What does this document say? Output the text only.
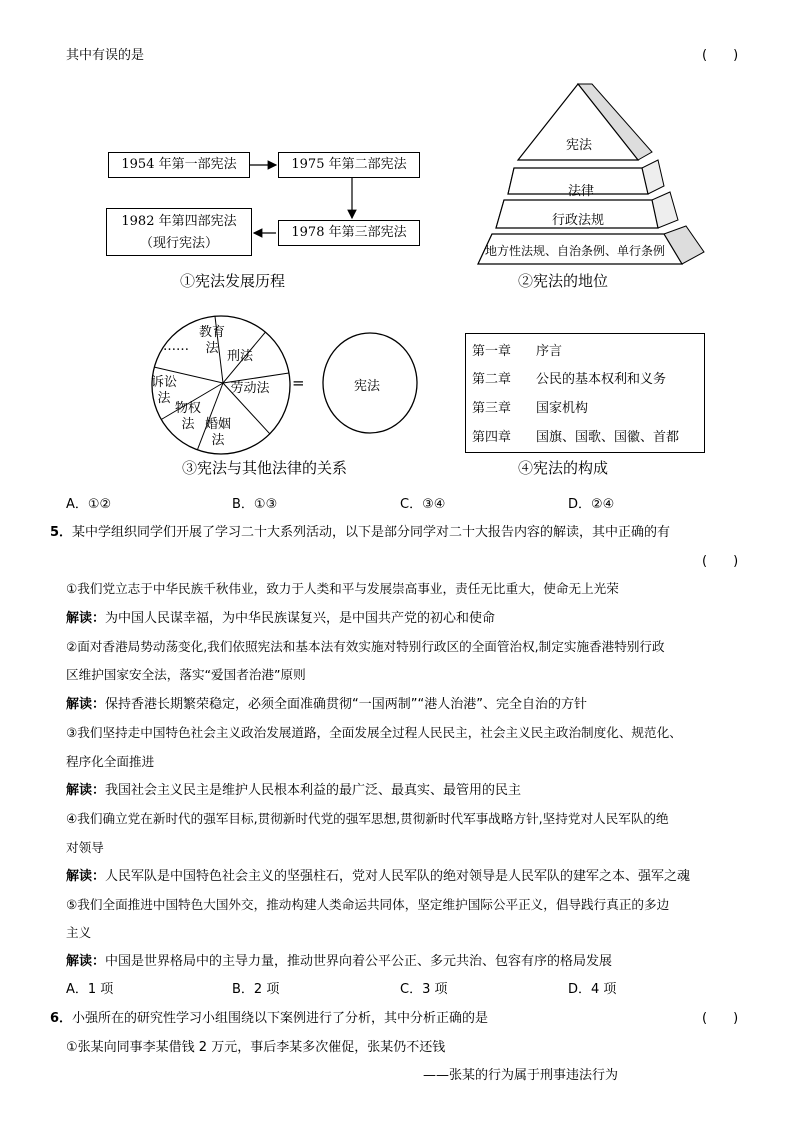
其中有误的是	(　　)
1954 年第一部宪法	1975 年第二部宪法
1982 年第四部宪法
（现行宪法）
1978 年第三部宪法
①宪法发展历程
宪法
法律
行政法规
地方性法规、自治条例、单行条例
②宪法的地位
教育法
刑法
劳动法
婚姻法
物权法
诉讼法
……
=	宪法
③宪法与其他法律的关系
第一章 序言
第二章 公民的基本权利和义务
第三章 国家机构
第四章 国旗、国歌、国徽、首都
④宪法的构成
A．①②	B．①③	C．③④	D．②④
5．某中学组织同学们开展了学习二十大系列活动，以下是部分同学对二十大报告内容的解读，其中正确的有
(　　)
①我们党立志于中华民族千秋伟业，致力于人类和平与发展崇高事业，责任无比重大，使命无上光荣
解读：为中国人民谋幸福，为中华民族谋复兴，是中国共产党的初心和使命
②面对香港局势动荡变化,我们依照宪法和基本法有效实施对特别行政区的全面管治权,制定实施香港特别行政
区维护国家安全法，落实“爱国者治港”原则
解读：保持香港长期繁荣稳定，必须全面准确贯彻“一国两制”“港人治港”、完全自治的方针
③我们坚持走中国特色社会主义政治发展道路，全面发展全过程人民民主，社会主义民主政治制度化、规范化、
程序化全面推进
解读：我国社会主义民主是维护人民根本利益的最广泛、最真实、最管用的民主
④我们确立党在新时代的强军目标,贯彻新时代党的强军思想,贯彻新时代军事战略方针,坚持党对人民军队的绝
对领导
解读：人民军队是中国特色社会主义的坚强柱石，党对人民军队的绝对领导是人民军队的建军之本、强军之魂
⑤我们全面推进中国特色大国外交，推动构建人类命运共同体，坚定维护国际公平正义，倡导践行真正的多边
主义
解读：中国是世界格局中的主导力量，推动世界向着公平公正、多元共治、包容有序的格局发展
A．1 项	B．2 项	C．3 项	D．4 项
6．小强所在的研究性学习小组围绕以下案例进行了分析，其中分析正确的是	(　　)
①张某向同事李某借钱 2 万元，事后李某多次催促，张某仍不还钱
——张某的行为属于刑事违法行为
